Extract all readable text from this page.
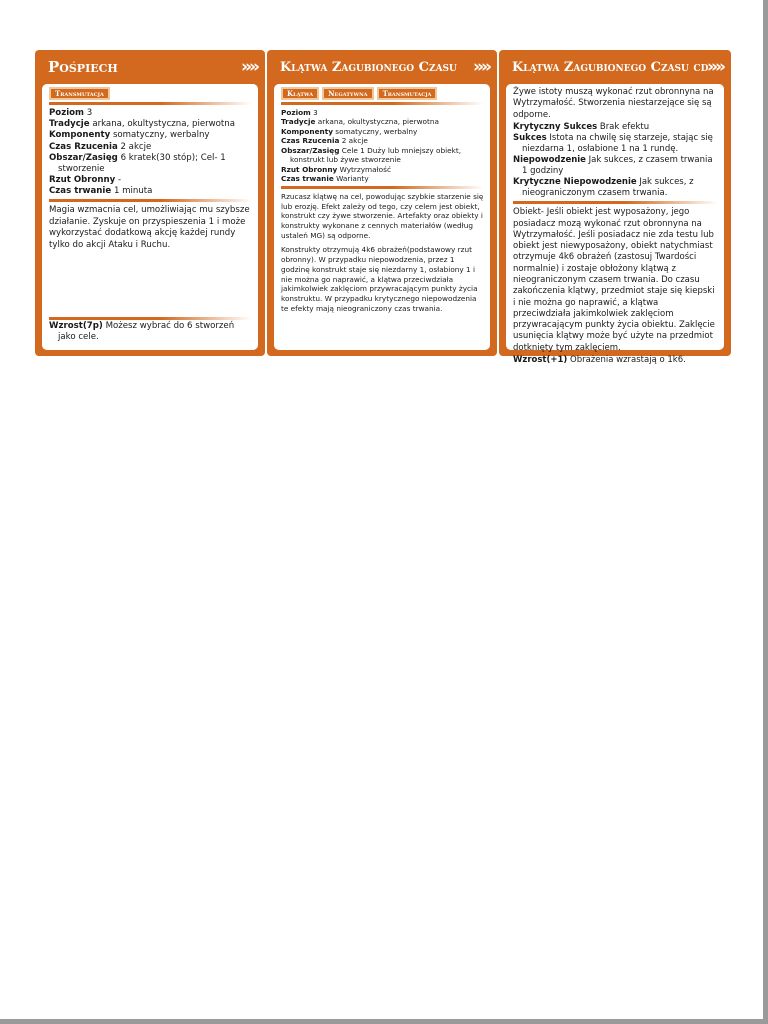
Pośpiech	»»
Transmutacja
Poziom 3
Tradycje arkana, okultystyczna, pierwotna
Komponenty somatyczny, werbalny
Czas Rzucenia 2 akcje
Obszar/Zasięg 6 kratek(30 stóp); Cel- 1 stworzenie
Rzut Obronny -
Czas trwanie 1 minuta
Magia wzmacnia cel, umożliwiając mu szybsze działanie. Zyskuje on przyspieszenia 1 i może wykorzystać dodatkową akcję każdej rundy tylko do akcji Ataku i Ruchu.
Wzrost(7p) Możesz wybrać do 6 stworzeń jako cele.
Klątwa Zagubionego Czasu »»
Klątwa	Negatywna	Transmutacja
Poziom 3
Tradycje arkana, okultystyczna, pierwotna
Komponenty somatyczny, werbalny
Czas Rzucenia 2 akcje
Obszar/Zasięg Cele 1 Duży lub mniejszy obiekt, konstrukt lub żywe stworzenie
Rzut Obronny Wytrzymałość
Czas trwanie Warianty
Rzucasz klątwę na cel, powodując szybkie starzenie się lub erozję. Efekt zależy od tego, czy celem jest obiekt, konstrukt czy żywe stworzenie. Artefakty oraz obiekty i konstrukty wykonane z cennych materiałów (według ustaleń MG) są odporne.
Konstrukty otrzymują 4k6 obrażeń(podstawowy rzut obronny). W przypadku niepowodzenia, przez 1 godzinę konstrukt staje się niezdarny 1, osłabiony 1 i nie można go naprawić, a klątwa przeciwdziała jakimkolwiek zaklęciom przywracającym punkty życia konstruktu. W przypadku krytycznego niepowodzenia te efekty mają nieograniczony czas trwania.
Klątwa Zagubionego Czasu cd
»»
Żywe istoty muszą wykonać rzut obronnyna na Wytrzymałość. Stworzenia niestarzejące się są odporne.
Krytyczny Sukces Brak efektu
Sukces Istota na chwilę się starzeje, stając się niezdarna 1, osłabione 1 na 1 rundę.
Niepowodzenie Jak sukces, z czasem trwania 1 godziny
Krytyczne Niepowodzenie Jak sukces, z nieograniczonym czasem trwania.
Obiekt- Jeśli obiekt jest wyposażony, jego posiadacz mozą wykonać rzut obronnyna na Wytrzymałość. Jeśli posiadacz nie zda testu lub obiekt jest niewyposażony, obiekt natychmiast otrzymuje 4k6 obrażeń (zastosuj Twardości normalnie) i zostaje obłożony klątwą z nieograniczonym czasem trwania. Do czasu zakończenia klątwy, przedmiot staje się kiepski i nie można go naprawić, a klątwa przeciwdziała jakimkolwiek zaklęciom przywracającym punkty życia obiektu. Zaklęcie usunięcia klątwy może być użyte na przedmiot dotknięty tym zaklęciem.
Wzrost(+1) Obrażenia wzrastają o 1k6.
